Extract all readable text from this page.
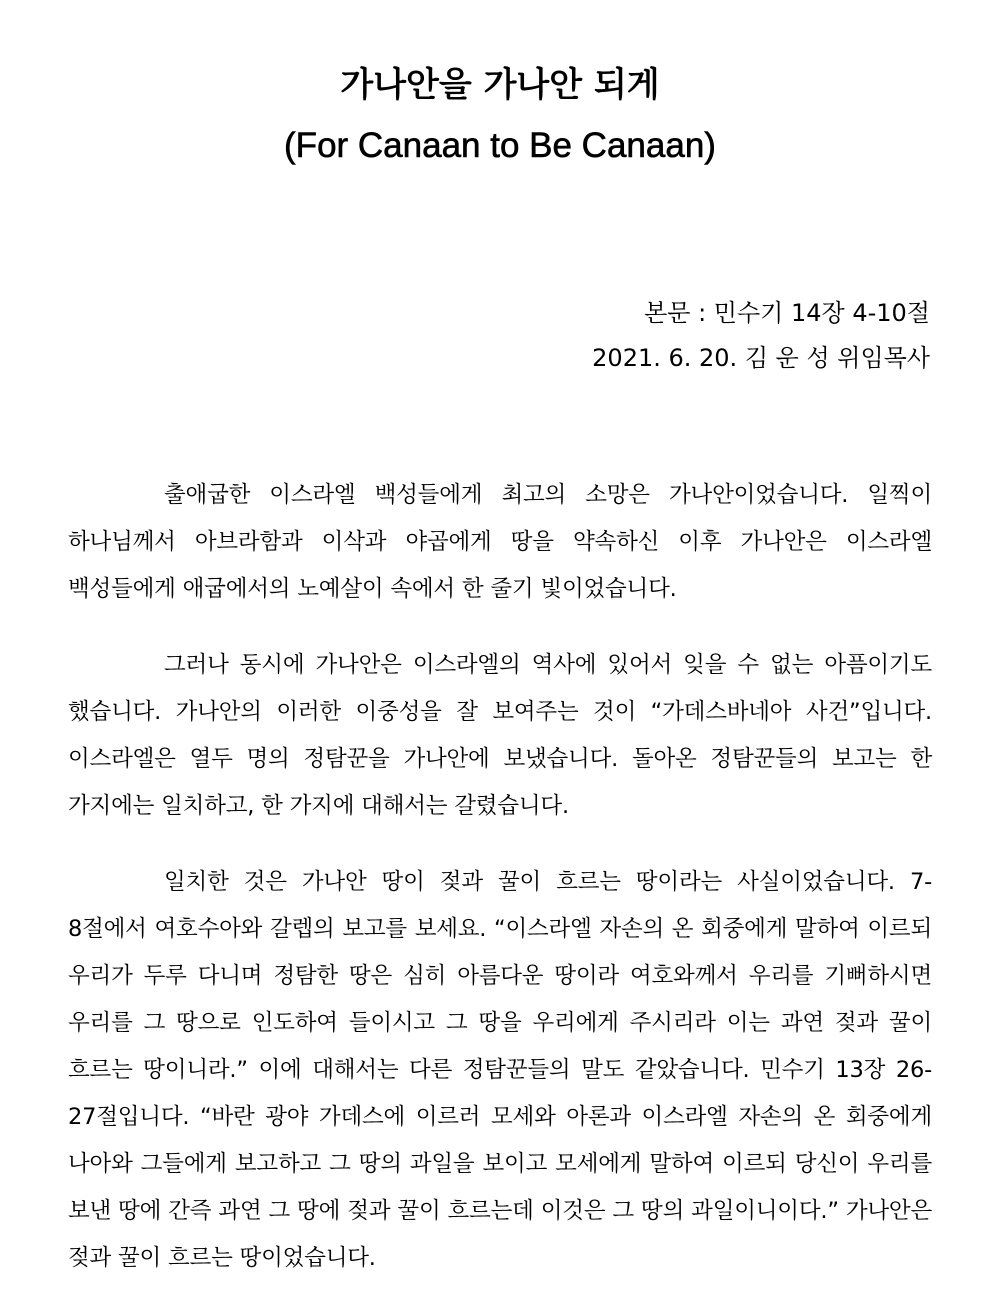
가나안을 가나안 되게
(For Canaan to Be Canaan)

본문 : 민수기 14장 4-10절

2021. 6. 20. 김 운 성 위임목사

출애굽한 이스라엘 백성들에게 최고의 소망은 가나안이었습니다. 일찍이 하나님께서 아브라함과 이삭과 야곱에게 땅을 약속하신 이후 가나안은 이스라엘 백성들에게 애굽에서의 노예살이 속에서 한 줄기 빛이었습니다.

그러나 동시에 가나안은 이스라엘의 역사에 있어서 잊을 수 없는 아픔이기도 했습니다. 가나안의 이러한 이중성을 잘 보여주는 것이 “가데스바네아 사건”입니다. 이스라엘은 열두 명의 정탐꾼을 가나안에 보냈습니다. 돌아온 정탐꾼들의 보고는 한 가지에는 일치하고, 한 가지에 대해서는 갈렸습니다.

일치한 것은 가나안 땅이 젖과 꿀이 흐르는 땅이라는 사실이었습니다. 7-8절에서 여호수아와 갈렙의 보고를 보세요. “이스라엘 자손의 온 회중에게 말하여 이르되 우리가 두루 다니며 정탐한 땅은 심히 아름다운 땅이라 여호와께서 우리를 기뻐하시면 우리를 그 땅으로 인도하여 들이시고 그 땅을 우리에게 주시리라 이는 과연 젖과 꿀이 흐르는 땅이니라.” 이에 대해서는 다른 정탐꾼들의 말도 같았습니다. 민수기 13장 26-27절입니다. “바란 광야 가데스에 이르러 모세와 아론과 이스라엘 자손의 온 회중에게 나아와 그들에게 보고하고 그 땅의 과일을 보이고 모세에게 말하여 이르되 당신이 우리를 보낸 땅에 간즉 과연 그 땅에 젖과 꿀이 흐르는데 이것은 그 땅의 과일이니이다.” 가나안은 젖과 꿀이 흐르는 땅이었습니다.
